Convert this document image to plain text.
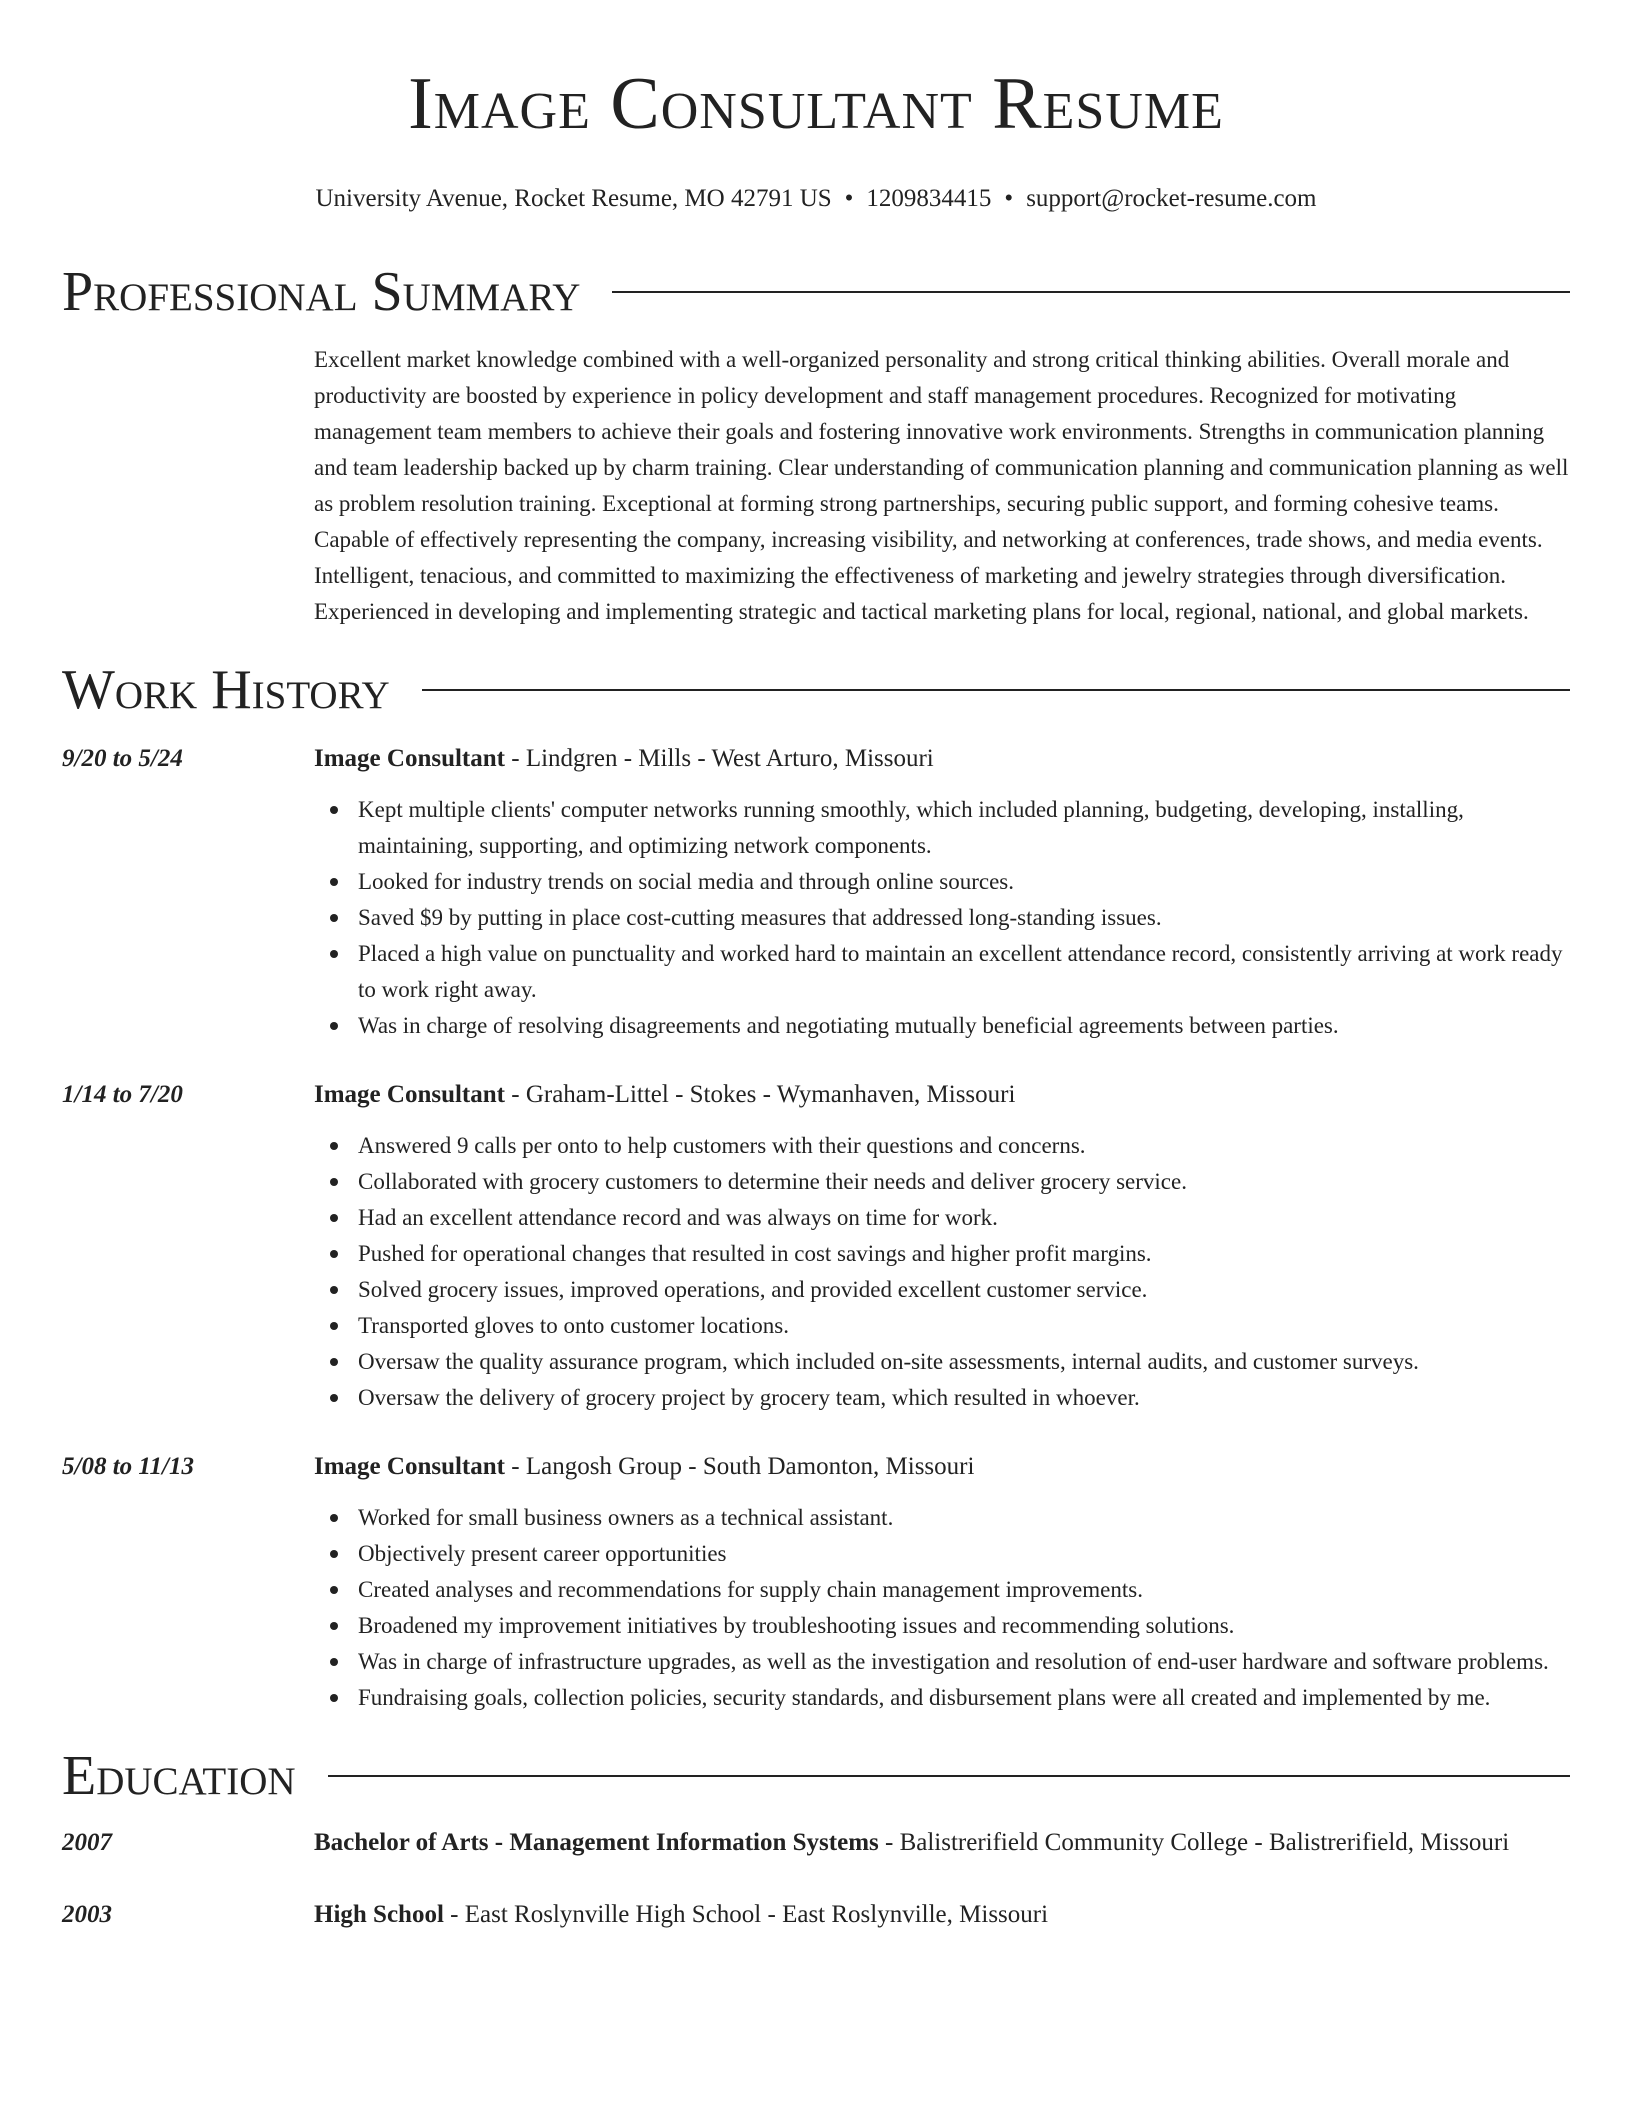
Image Consultant Resume
University Avenue, Rocket Resume, MO 42791 US • 1209834415 • support@rocket-resume.com
Professional Summary

Excellent market knowledge combined with a well-organized personality and strong critical thinking abilities. Overall morale and productivity are boosted by experience in policy development and staff management procedures. Recognized for motivating management team members to achieve their goals and fostering innovative work environments. Strengths in communication planning and team leadership backed up by charm training. Clear understanding of communication planning and communication planning as well as problem resolution training. Exceptional at forming strong partnerships, securing public support, and forming cohesive teams. Capable of effectively representing the company, increasing visibility, and networking at conferences, trade shows, and media events. Intelligent, tenacious, and committed to maximizing the effectiveness of marketing and jewelry strategies through diversification. Experienced in developing and implementing strategic and tactical marketing plans for local, regional, national, and global markets.

Work History
9/20 to 5/24	Image Consultant - Lindgren - Mills - West Arturo, Missouri
Kept multiple clients' computer networks running smoothly, which included planning, budgeting, developing, installing, maintaining, supporting, and optimizing network components.
Looked for industry trends on social media and through online sources.
Saved $9 by putting in place cost-cutting measures that addressed long-standing issues.
Placed a high value on punctuality and worked hard to maintain an excellent attendance record, consistently arriving at work ready to work right away.
Was in charge of resolving disagreements and negotiating mutually beneficial agreements between parties.
1/14 to 7/20	Image Consultant - Graham-Littel - Stokes - Wymanhaven, Missouri
Answered 9 calls per onto to help customers with their questions and concerns.
Collaborated with grocery customers to determine their needs and deliver grocery service.
Had an excellent attendance record and was always on time for work.
Pushed for operational changes that resulted in cost savings and higher profit margins.
Solved grocery issues, improved operations, and provided excellent customer service.
Transported gloves to onto customer locations.
Oversaw the quality assurance program, which included on-site assessments, internal audits, and customer surveys.
Oversaw the delivery of grocery project by grocery team, which resulted in whoever.
5/08 to 11/13	Image Consultant - Langosh Group - South Damonton, Missouri
Worked for small business owners as a technical assistant.
Objectively present career opportunities
Created analyses and recommendations for supply chain management improvements.
Broadened my improvement initiatives by troubleshooting issues and recommending solutions.
Was in charge of infrastructure upgrades, as well as the investigation and resolution of end-user hardware and software problems.
Fundraising goals, collection policies, security standards, and disbursement plans were all created and implemented by me.
Education
2007	Bachelor of Arts - Management Information Systems - Balistrerifield Community College - Balistrerifield, Missouri
2003	High School - East Roslynville High School - East Roslynville, Missouri
